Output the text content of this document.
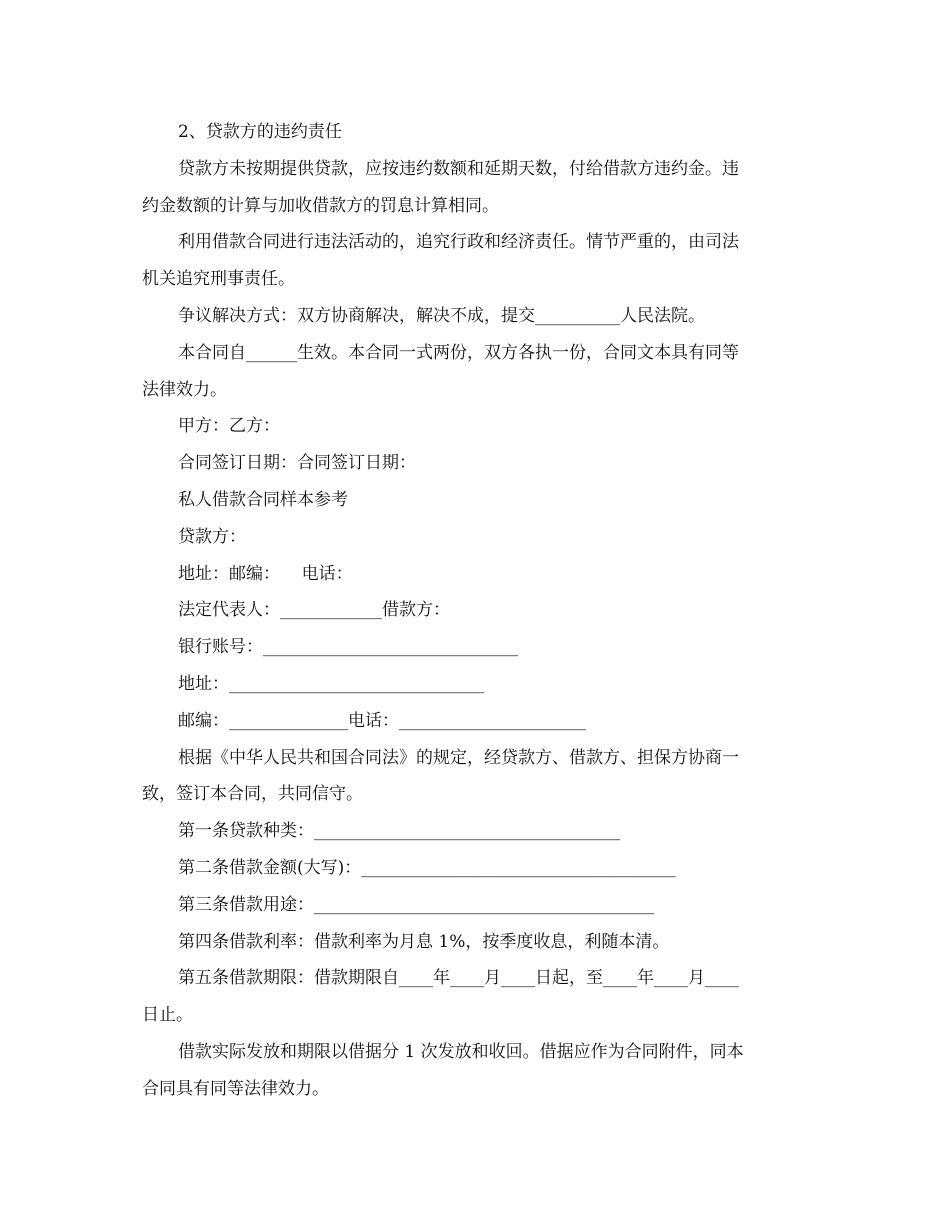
2、贷款方的违约责任
贷款方未按期提供贷款，应按违约数额和延期天数，付给借款方违约金。违
约金数额的计算与加收借款方的罚息计算相同。
利用借款合同进行违法活动的，追究行政和经济责任。情节严重的，由司法
机关追究刑事责任。
争议解决方式：双方协商解决，解决不成，提交__________人民法院。
本合同自______生效。本合同一式两份，双方各执一份，合同文本具有同等
法律效力。
甲方：乙方：
合同签订日期：合同签订日期：
私人借款合同样本参考
贷款方：
地址：邮编：    电话：
法定代表人：____________借款方：
银行账号：______________________________
地址：______________________________
邮编：______________电话：______________________
根据《中华人民共和国合同法》的规定，经贷款方、借款方、担保方协商一
致，签订本合同，共同信守。
第一条贷款种类：____________________________________
第二条借款金额(大写)：_____________________________________
第三条借款用途：________________________________________
第四条借款利率：借款利率为月息 1%，按季度收息，利随本清。
第五条借款期限：借款期限自____年____月____日起，至____年____月____
日止。
借款实际发放和期限以借据分 1 次发放和收回。借据应作为合同附件，同本
合同具有同等法律效力。
